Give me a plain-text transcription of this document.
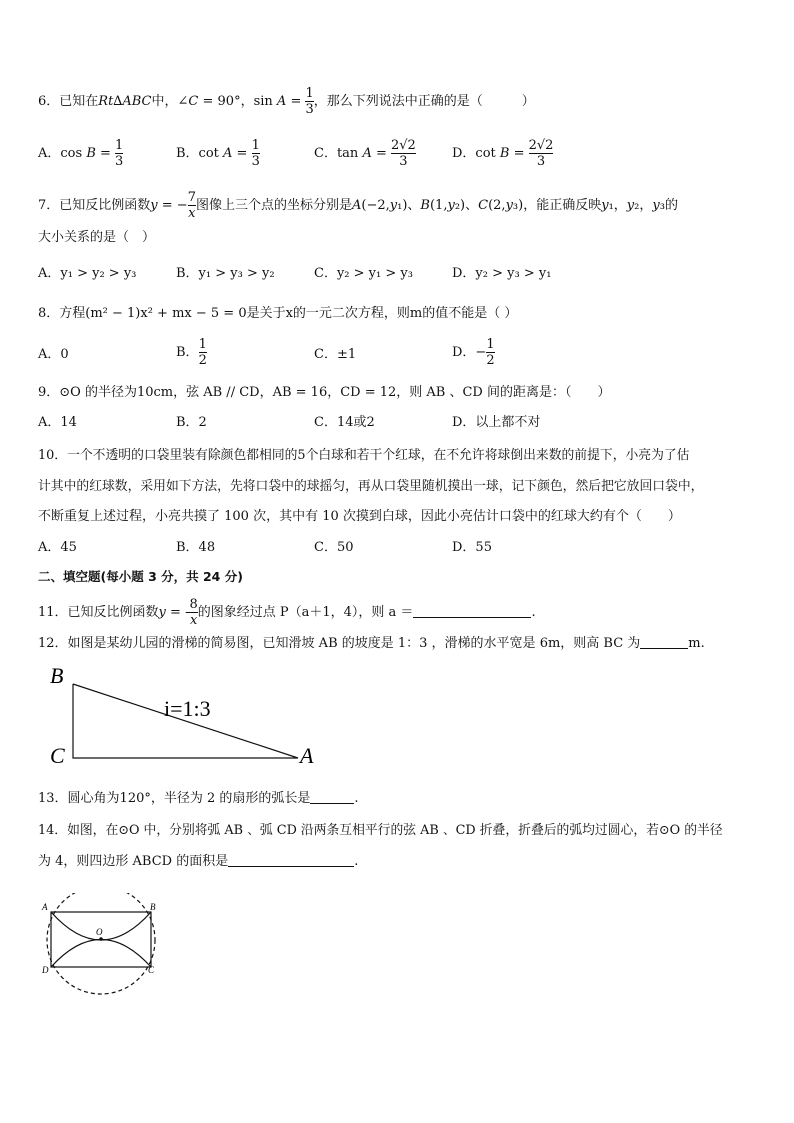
6．已知在Rt∆ABC中，∠C = 90°，$\sin A = \frac{1}{3}$ ，那么下列说法中正确的是（　　　）
A．$\cos B = \frac{1}{3}$	B．$\cot A = \frac{1}{3}$	C．$\tan A = \frac{2√2}{3}$	D．$\cot B = \frac{2√2}{3}$
7．已知反比例函数y = − $\frac{7}{x}$ 图像上三个点的坐标分别是A(−2,y₁)、B(1,y₂)、C(2,y₃)，能正确反映y₁，y₂，y₃的
大小关系的是（　）
A．y₁ > y₂ > y₃	B．y₁ > y₃ > y₂	C．y₂ > y₁ > y₃	D．y₂ > y₃ > y₁
8．方程(m² − 1)x² + mx − 5 = 0是关于x的一元二次方程，则m的值不能是（ ）
A．0	B． $\frac{1}{2}$	C．±1	D．− $\frac{1}{2}$
9．⊙O 的半径为10cm，弦 AB // CD，AB = 16，CD = 12，则 AB 、CD 间的距离是：（　　）
A．14	B．2	C．14或2	D．以上都不对
10．一个不透明的口袋里装有除颜色都相同的5个白球和若干个红球，在不允许将球倒出来数的前提下，小亮为了估
计其中的红球数，采用如下方法，先将口袋中的球摇匀，再从口袋里随机摸出一球，记下颜色，然后把它放回口袋中，
不断重复上述过程，小亮共摸了 100 次，其中有 10 次摸到白球，因此小亮估计口袋中的红球大约有个（　　）
A．45	B．48	C．50	D．55
二、填空题(每小题 3 分，共 24 分)
11．已知反比例函数y = - $\frac{8}{x}$ 的图象经过点 P（a＋1，4），则 a ＝	.
12．如图是某幼儿园的滑梯的简易图，已知滑坡 AB 的坡度是 1：3 ，滑梯的水平宽是 6m，则高 BC 为	m.
B
C	A
i=1:3
13．圆心角为120°，半径为 2 的扇形的弧长是	.
14．如图，在⊙O 中，分别将弧 AB 、弧 CD 沿两条互相平行的弦 AB 、CD 折叠，折叠后的弧均过圆心，若⊙O 的半径
为 4，则四边形 ABCD 的面积是	.
A	B
C
D
O
